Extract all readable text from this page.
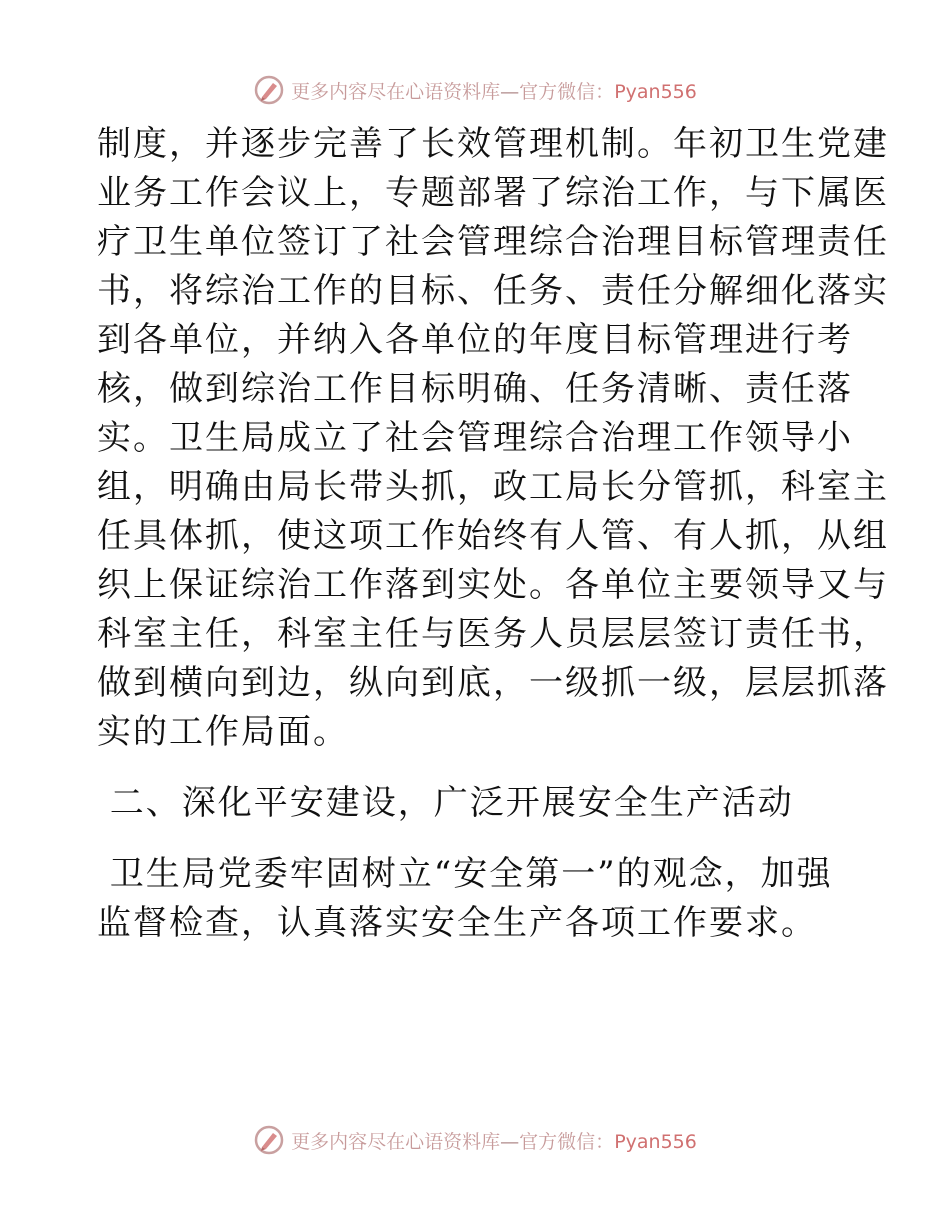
更多内容尽在心语资料库—官方微信：Pyan556
制度，并逐步完善了长效管理机制。年初卫生党建
业务工作会议上，专题部署了综治工作，与下属医
疗卫生单位签订了社会管理综合治理目标管理责任
书，将综治工作的目标、任务、责任分解细化落实
到各单位，并纳入各单位的年度目标管理进行考
核，做到综治工作目标明确、任务清晰、责任落
实。卫生局成立了社会管理综合治理工作领导小
组，明确由局长带头抓，政工局长分管抓，科室主
任具体抓，使这项工作始终有人管、有人抓，从组
织上保证综治工作落到实处。各单位主要领导又与
科室主任，科室主任与医务人员层层签订责任书，
做到横向到边，纵向到底，一级抓一级，层层抓落
实的工作局面。
二、深化平安建设，广泛开展安全生产活动
卫生局党委牢固树立“安全第一”的观念，加强
监督检查，认真落实安全生产各项工作要求。
更多内容尽在心语资料库—官方微信：Pyan556
